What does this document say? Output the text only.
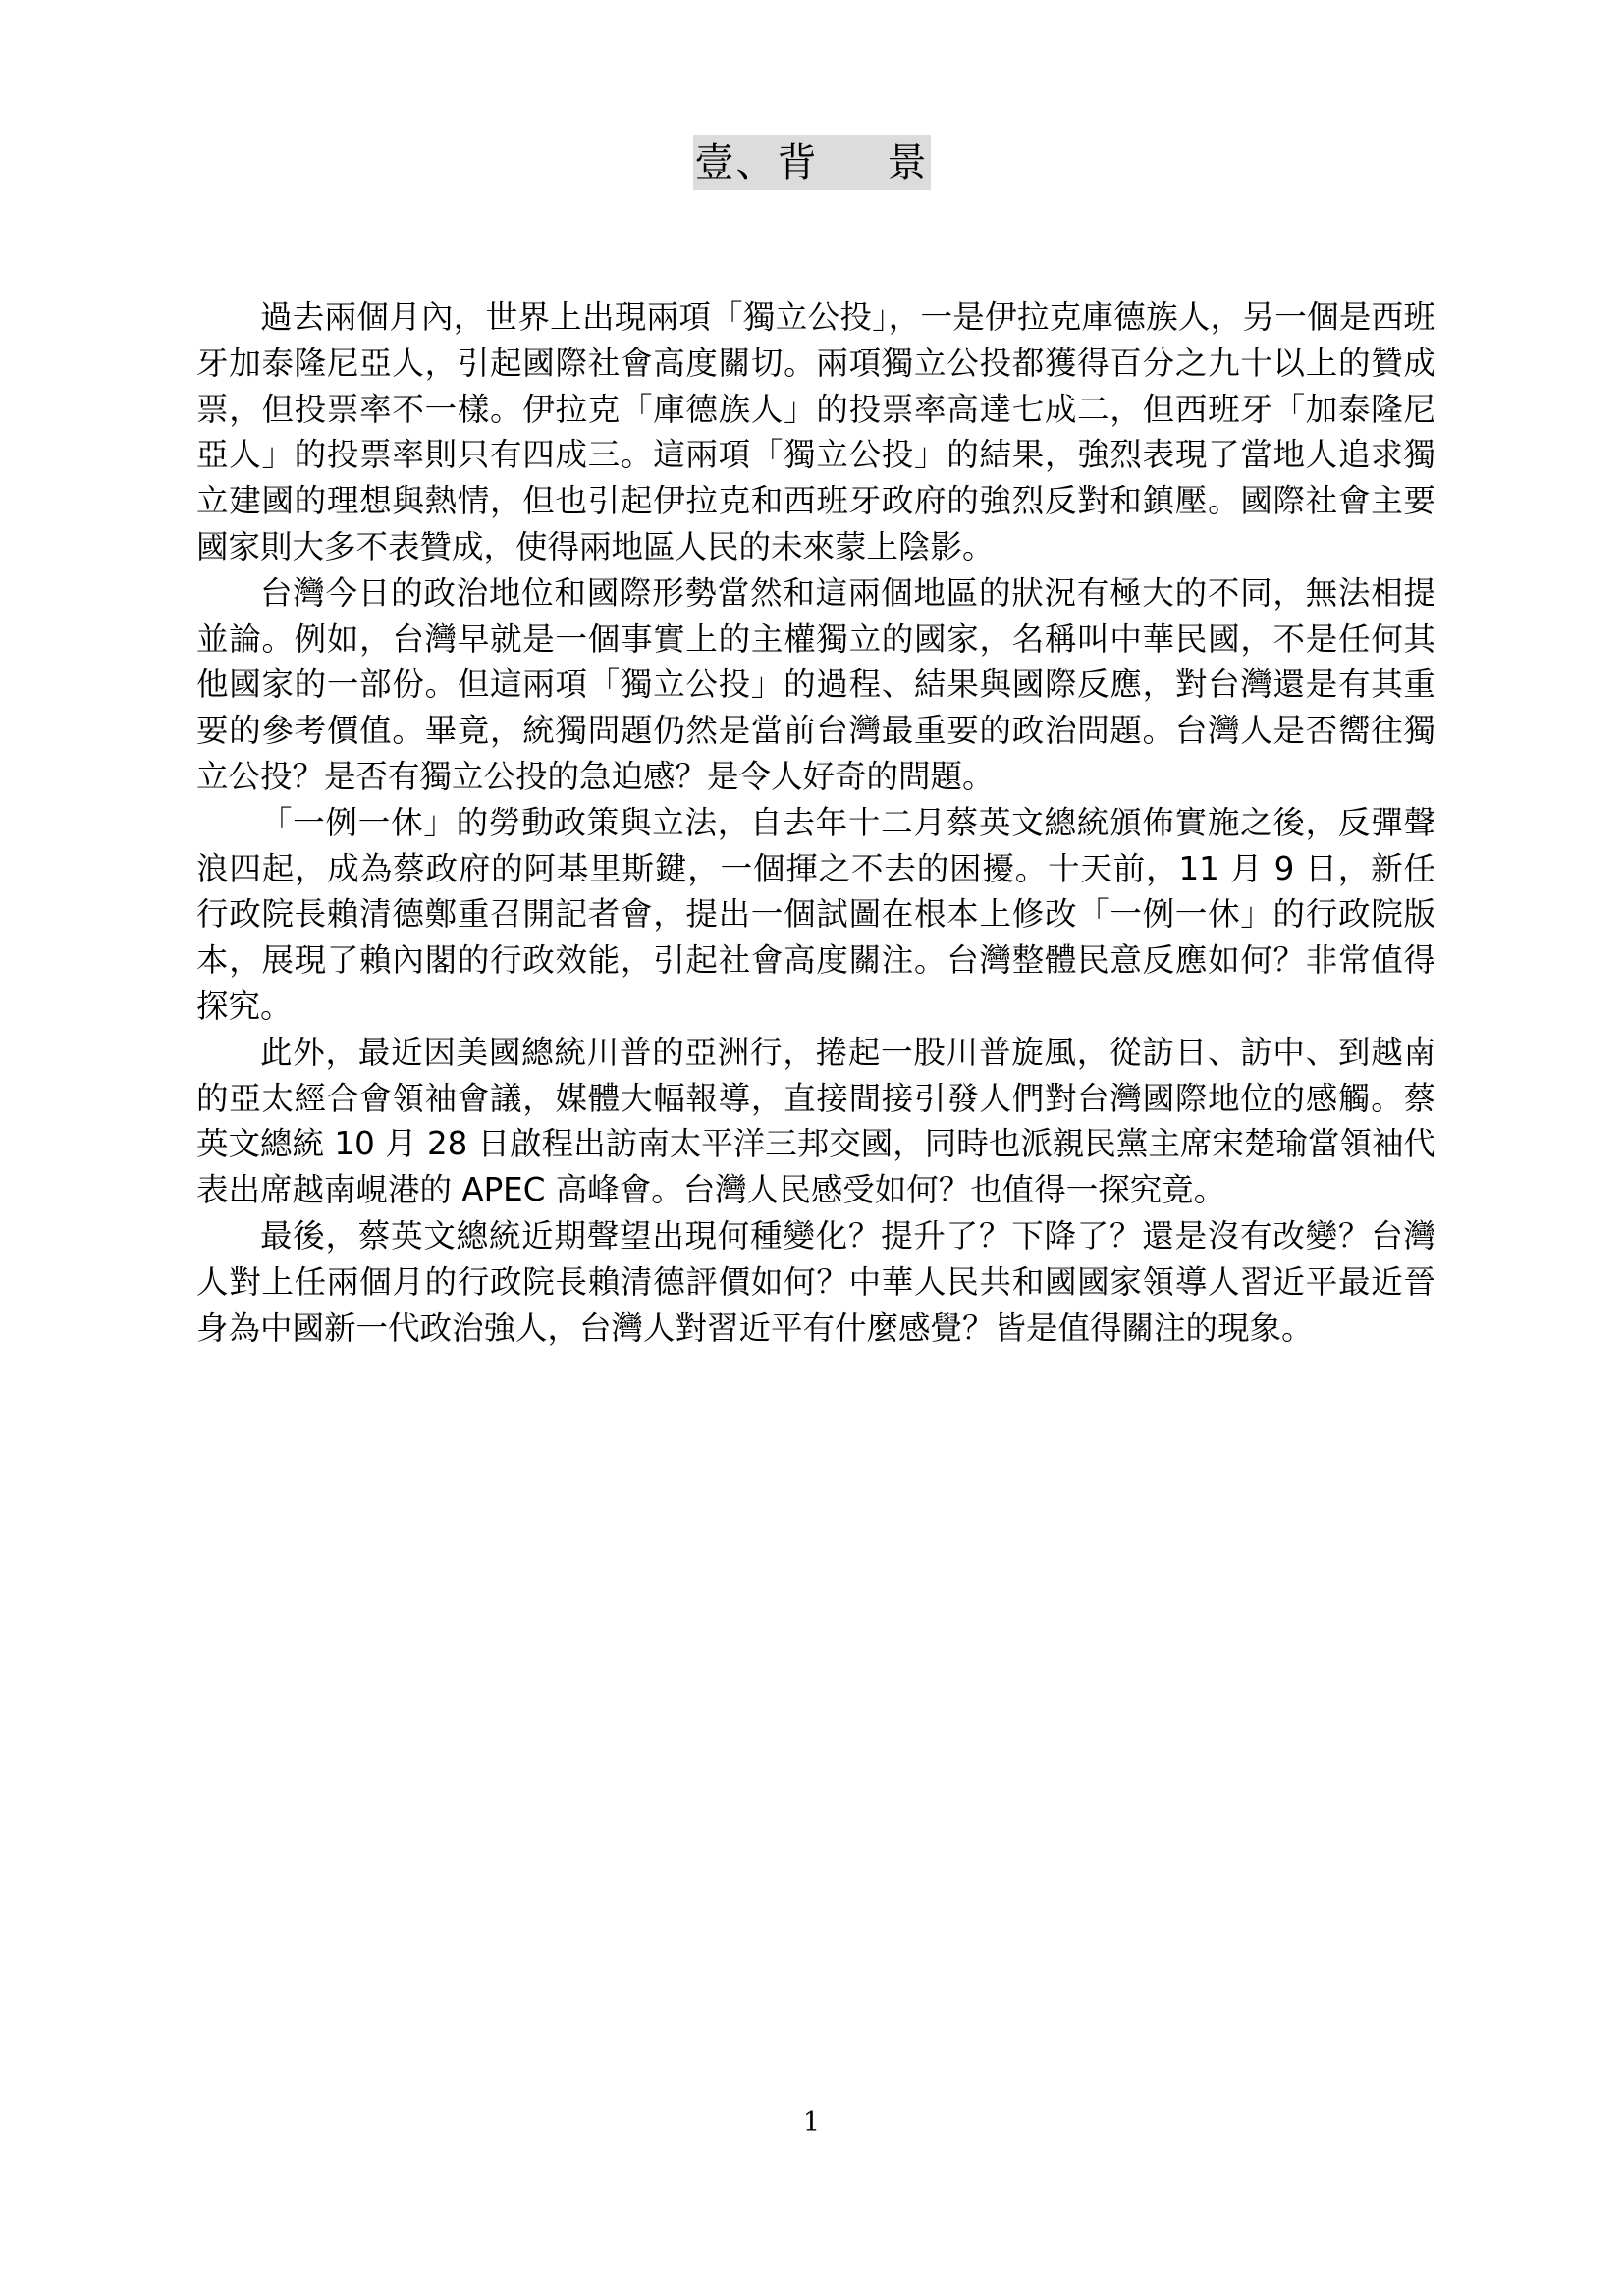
壹、背 景

過去兩個月內，世界上出現兩項「獨立公投」，一是伊拉克庫德族人，另一個是西班牙加泰隆尼亞人，引起國際社會高度關切。兩項獨立公投都獲得百分之九十以上的贊成票，但投票率不一樣。伊拉克「庫德族人」的投票率高達七成二，但西班牙「加泰隆尼亞人」的投票率則只有四成三。這兩項「獨立公投」的結果，強烈表現了當地人追求獨立建國的理想與熱情，但也引起伊拉克和西班牙政府的強烈反對和鎮壓。國際社會主要國家則大多不表贊成，使得兩地區人民的未來蒙上陰影。

台灣今日的政治地位和國際形勢當然和這兩個地區的狀況有極大的不同，無法相提並論。例如，台灣早就是一個事實上的主權獨立的國家，名稱叫中華民國，不是任何其他國家的一部份。但這兩項「獨立公投」的過程、結果與國際反應，對台灣還是有其重要的參考價值。畢竟，統獨問題仍然是當前台灣最重要的政治問題。台灣人是否嚮往獨立公投？是否有獨立公投的急迫感？是令人好奇的問題。

「一例一休」的勞動政策與立法，自去年十二月蔡英文總統頒佈實施之後，反彈聲浪四起，成為蔡政府的阿基里斯鍵，一個揮之不去的困擾。十天前，11 月 9 日，新任行政院長賴清德鄭重召開記者會，提出一個試圖在根本上修改「一例一休」的行政院版本，展現了賴內閣的行政效能，引起社會高度關注。台灣整體民意反應如何？非常值得探究。

此外，最近因美國總統川普的亞洲行，捲起一股川普旋風，從訪日、訪中、到越南的亞太經合會領袖會議，媒體大幅報導，直接間接引發人們對台灣國際地位的感觸。蔡英文總統 10 月 28 日啟程出訪南太平洋三邦交國，同時也派親民黨主席宋楚瑜當領袖代表出席越南峴港的 APEC 高峰會。台灣人民感受如何？也值得一探究竟。

最後，蔡英文總統近期聲望出現何種變化？提升了？下降了？還是沒有改變？台灣人對上任兩個月的行政院長賴清德評價如何？中華人民共和國國家領導人習近平最近晉身為中國新一代政治強人，台灣人對習近平有什麼感覺？皆是值得關注的現象。

1
